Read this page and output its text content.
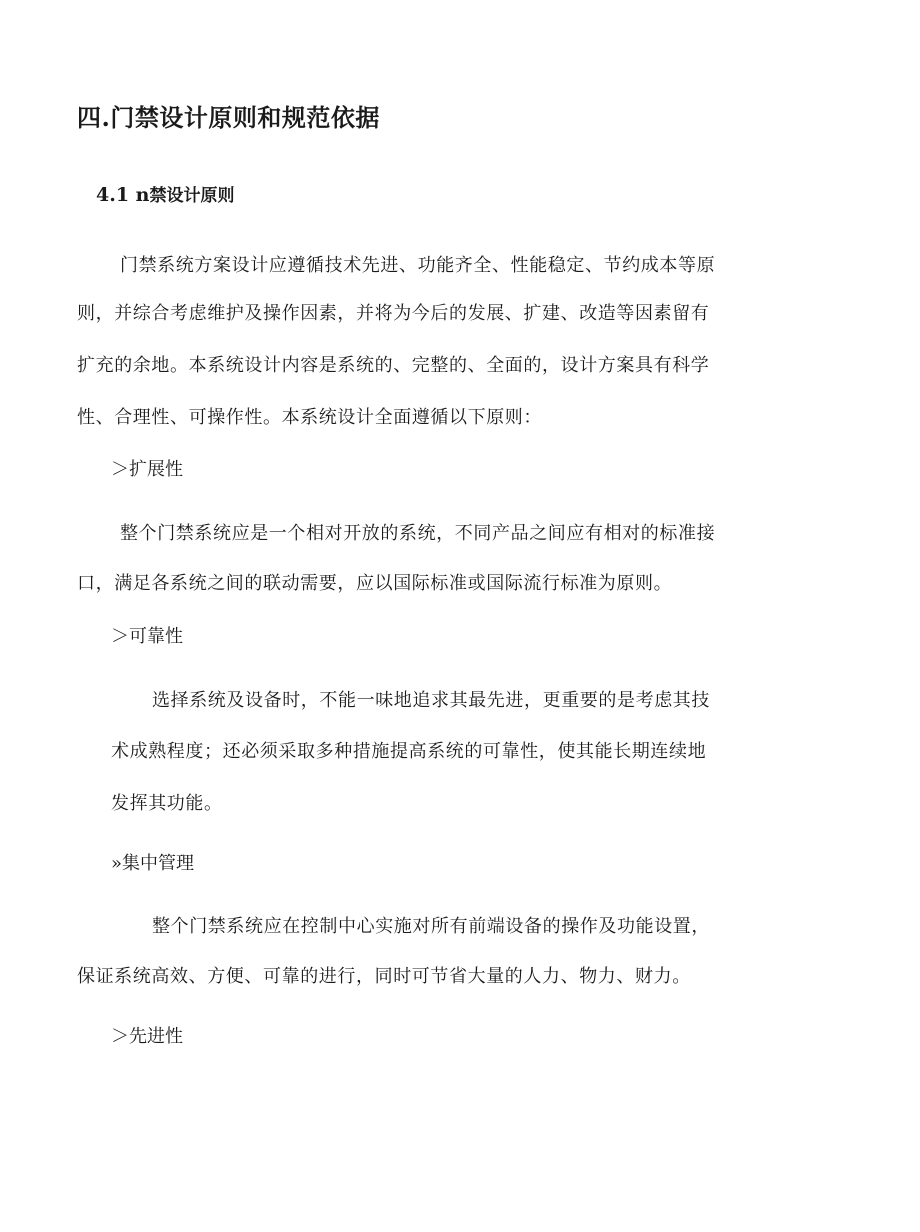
四.门禁设计原则和规范依据
4.1 n禁设计原则

门禁系统方案设计应遵循技术先进、功能齐全、性能稳定、节约成本等原

则，并综合考虑维护及操作因素，并将为今后的发展、扩建、改造等因素留有

扩充的余地。本系统设计内容是系统的、完整的、全面的，设计方案具有科学

性、合理性、可操作性。本系统设计全面遵循以下原则：

＞扩展性

整个门禁系统应是一个相对开放的系统，不同产品之间应有相对的标准接

口，满足各系统之间的联动需要，应以国际标准或国际流行标准为原则。

＞可靠性

选择系统及设备时，不能一味地追求其最先进，更重要的是考虑其技

术成熟程度；还必须采取多种措施提高系统的可靠性，使其能长期连续地

发挥其功能。

»集中管理

整个门禁系统应在控制中心实施对所有前端设备的操作及功能设置，

保证系统高效、方便、可靠的进行，同时可节省大量的人力、物力、财力。

＞先进性
